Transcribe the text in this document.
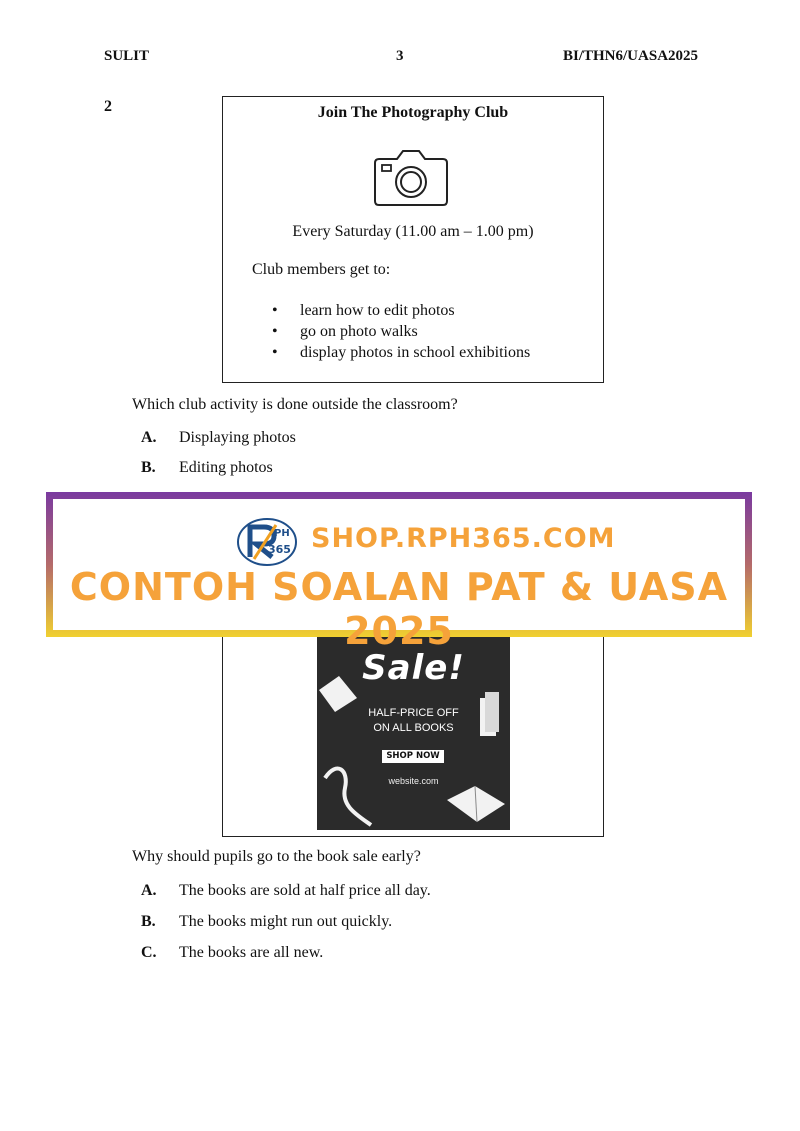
SULIT	3	BI/THN6/UASA2025
2	Join The Photography Club
Every Saturday (11.00 am – 1.00 pm)
Club members get to:
• learn how to edit photos
• go on photo walks
• display photos in school exhibitions
Which club activity is done outside the classroom?
A. Displaying photos
B. Editing photos
Sale!
HALF-PRICE OFF
ON ALL BOOKS
SHOP NOW
website.com
PH
365 SHOP.RPH365.COM
CONTOH SOALAN PAT & UASA 2025
Why should pupils go to the book sale early?
A. The books are sold at half price all day.
B. The books might run out quickly.
C. The books are all new.
